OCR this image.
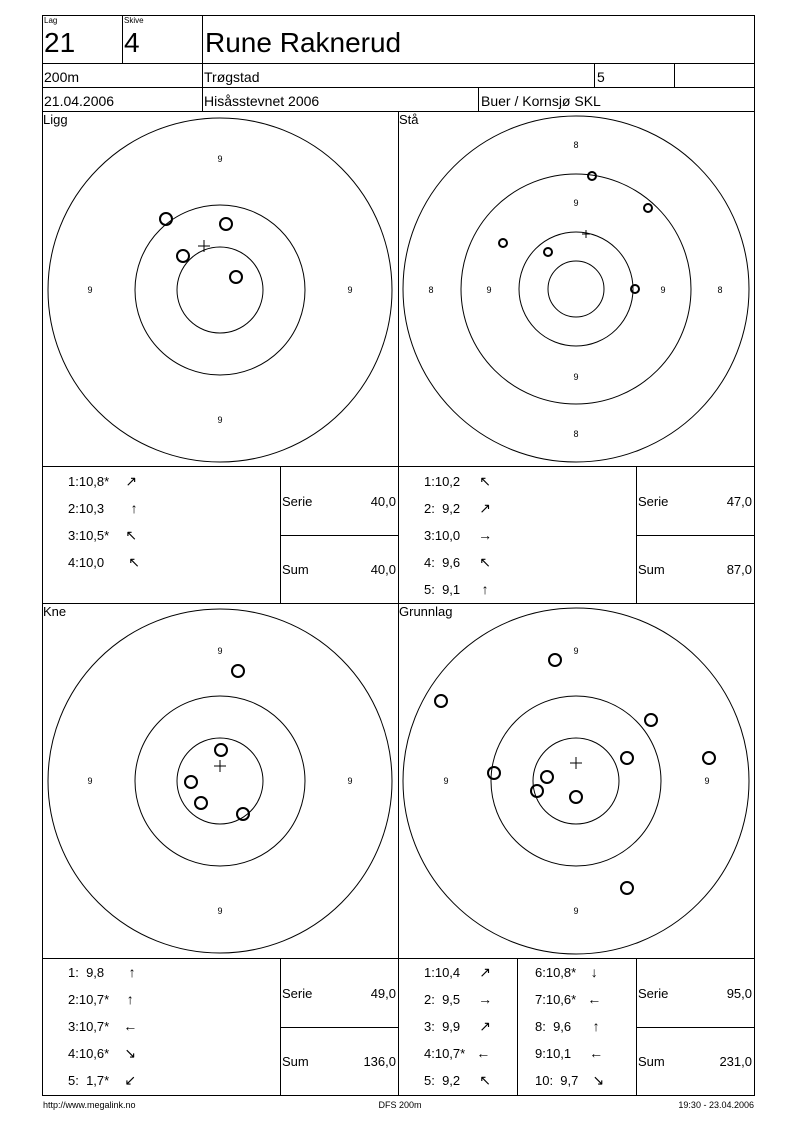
Lag
21
Skive
4 Rune Raknerud
200m	Trøgstad	5
21.04.2006	Hisåsstevnet 2006	Buer / Kornsjø SKL
Ligg	Stå
Kne	Grunnlag
9
9
9	9
8
8
8	8
9
9
9	9
9
9
9	9
9
9
9	9
1:10,8* ↗
2:10,3 ↑
3:10,5* ↖
4:10,0 ↖
Serie	40,0
Sum	40,0
1:10,2 ↖
2:  9,2 ↗
3:10,0 →
4:  9,6 ↖
5:  9,1 ↑
Serie	47,0
Sum	87,0
1:  9,8 ↑
2:10,7* ↑
3:10,7* ←
4:10,6* ↘
5:  1,7* ↙
Serie	49,0
Sum	136,0
1:10,4 ↗
2:  9,5 →
3:  9,9 ↗
4:10,7* ←
5:  9,2 ↖
6:10,8* ↓
7:10,6* ←
8:  9,6 ↑
9:10,1 ←
10:  9,7 ↘
Serie	95,0
Sum	231,0
http://www.megalink.no	DFS 200m	19:30 - 23.04.2006
